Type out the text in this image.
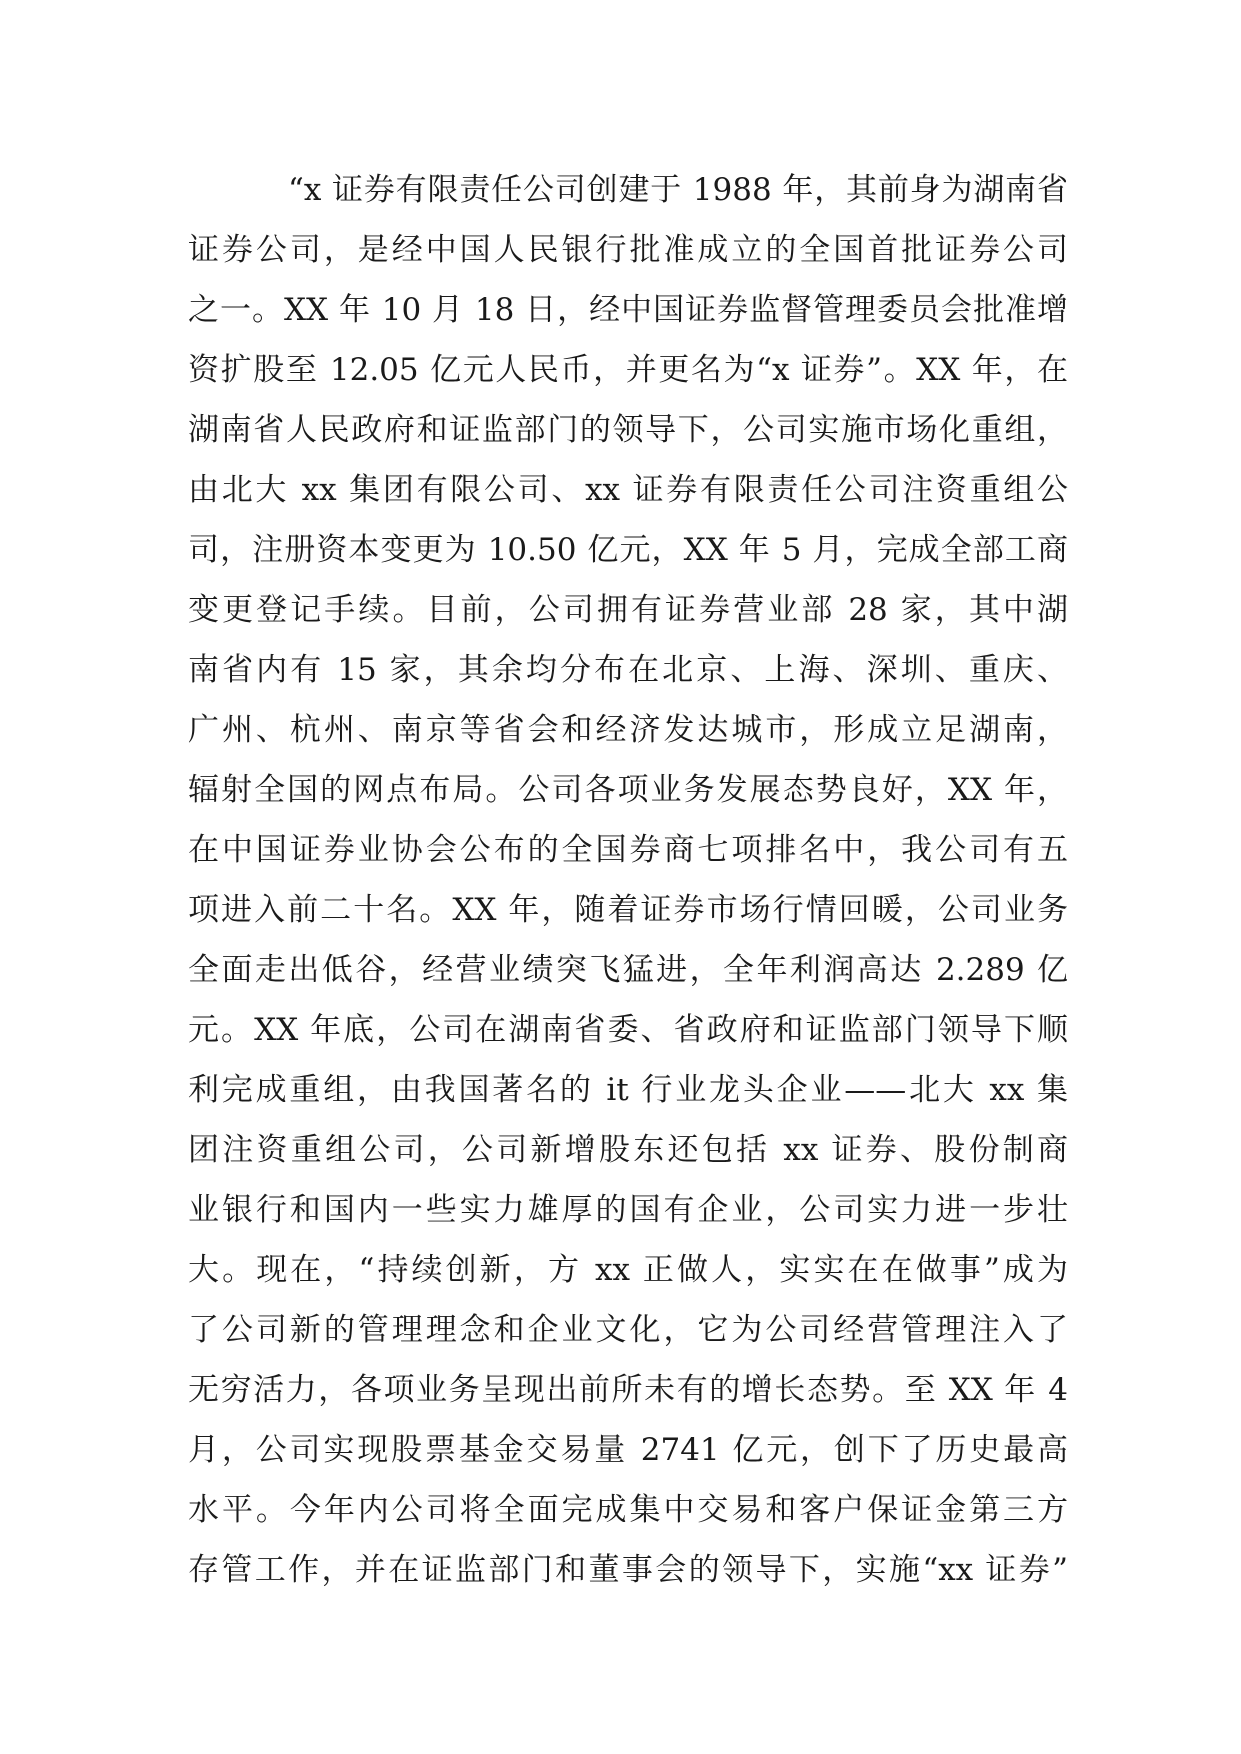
“x 证券有限责任公司创建于 1988 年，其前身为湖南省
证券公司，是经中国人民银行批准成立的全国首批证券公司
之一。XX 年 10 月 18 日，经中国证券监督管理委员会批准增
资扩股至 12.05 亿元人民币，并更名为“x 证券”。XX 年，在
湖南省人民政府和证监部门的领导下，公司实施市场化重组，
由北大 xx 集团有限公司、xx 证券有限责任公司注资重组公
司，注册资本变更为 10.50 亿元，XX 年 5 月，完成全部工商
变更登记手续。目前，公司拥有证券营业部 28 家，其中湖
南省内有 15 家，其余均分布在北京、上海、深圳、重庆、
广州、杭州、南京等省会和经济发达城市，形成立足湖南，
辐射全国的网点布局。公司各项业务发展态势良好，XX 年，
在中国证券业协会公布的全国券商七项排名中，我公司有五
项进入前二十名。XX 年，随着证券市场行情回暖，公司业务
全面走出低谷，经营业绩突飞猛进，全年利润高达 2.289 亿
元。XX 年底，公司在湖南省委、省政府和证监部门领导下顺
利完成重组，由我国著名的 it 行业龙头企业——北大 xx 集
团注资重组公司，公司新增股东还包括 xx 证券、股份制商
业银行和国内一些实力雄厚的国有企业，公司实力进一步壮
大。现在，“持续创新，方 xx 正做人，实实在在做事”成为
了公司新的管理理念和企业文化，它为公司经营管理注入了
无穷活力，各项业务呈现出前所未有的增长态势。至 XX 年 4
月，公司实现股票基金交易量 2741 亿元，创下了历史最高
水平。今年内公司将全面完成集中交易和客户保证金第三方
存管工作，并在证监部门和董事会的领导下，实施“xx 证券”
